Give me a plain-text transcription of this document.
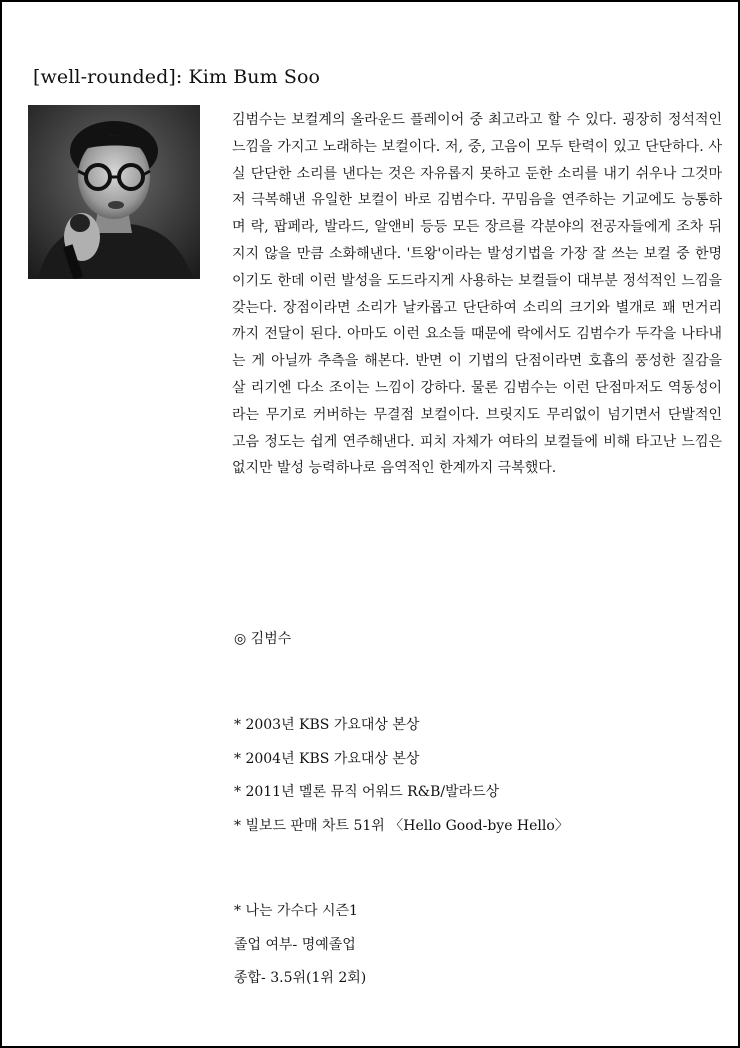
[well-rounded]: Kim Bum Soo

김범수는 보컬계의 올라운드 플레이어 중 최고라고 할 수 있다. 굉장히 정석적인 느낌을 가지고 노래하는 보컬이다. 저, 중, 고음이 모두 탄력이 있고 단단하다. 사실 단단한 소리를 낸다는 것은 자유롭지 못하고 둔한 소리를 내기 쉬우나 그것마저 극복해낸 유일한 보컬이 바로 김범수다. 꾸밈음을 연주하는 기교에도 능통하며 락, 팝페라, 발라드, 알앤비 등등 모든 장르를 각분야의 전공자들에게 조차 뒤지지 않을 만큼 소화해낸다. '트왕'이라는 발성기법을 가장 잘 쓰는 보컬 중 한명이기도 한데 이런 발성을 도드라지게 사용하는 보컬들이 대부분 정석적인 느낌을 갖는다. 장점이라면 소리가 날카롭고 단단하여 소리의 크기와 별개로 꽤 먼거리까지 전달이 된다. 아마도 이런 요소들 때문에 락에서도 김범수가 두각을 나타내는 게 아닐까 추측을 해본다. 반면 이 기법의 단점이라면 호흡의 풍성한 질감을 살 리기엔 다소 조이는 느낌이 강하다. 물론 김범수는 이런 단점마저도 역동성이라는 무기로 커버하는 무결점 보컬이다. 브릿지도 무리없이 넘기면서 단발적인 고음 정도는 쉽게 연주해낸다. 피치 자체가 여타의 보컬들에 비해 타고난 느낌은 없지만 발성 능력하나로 음역적인 한계까지 극복했다.

◎ 김범수
* 2003년 KBS 가요대상 본상
* 2004년 KBS 가요대상 본상
* 2011년 멜론 뮤직 어워드 R&B/발라드상
* 빌보드 판매 차트 51위 〈Hello Good-bye Hello〉
* 나는 가수다 시즌1
졸업 여부- 명예졸업
종합- 3.5위(1위 2회)
